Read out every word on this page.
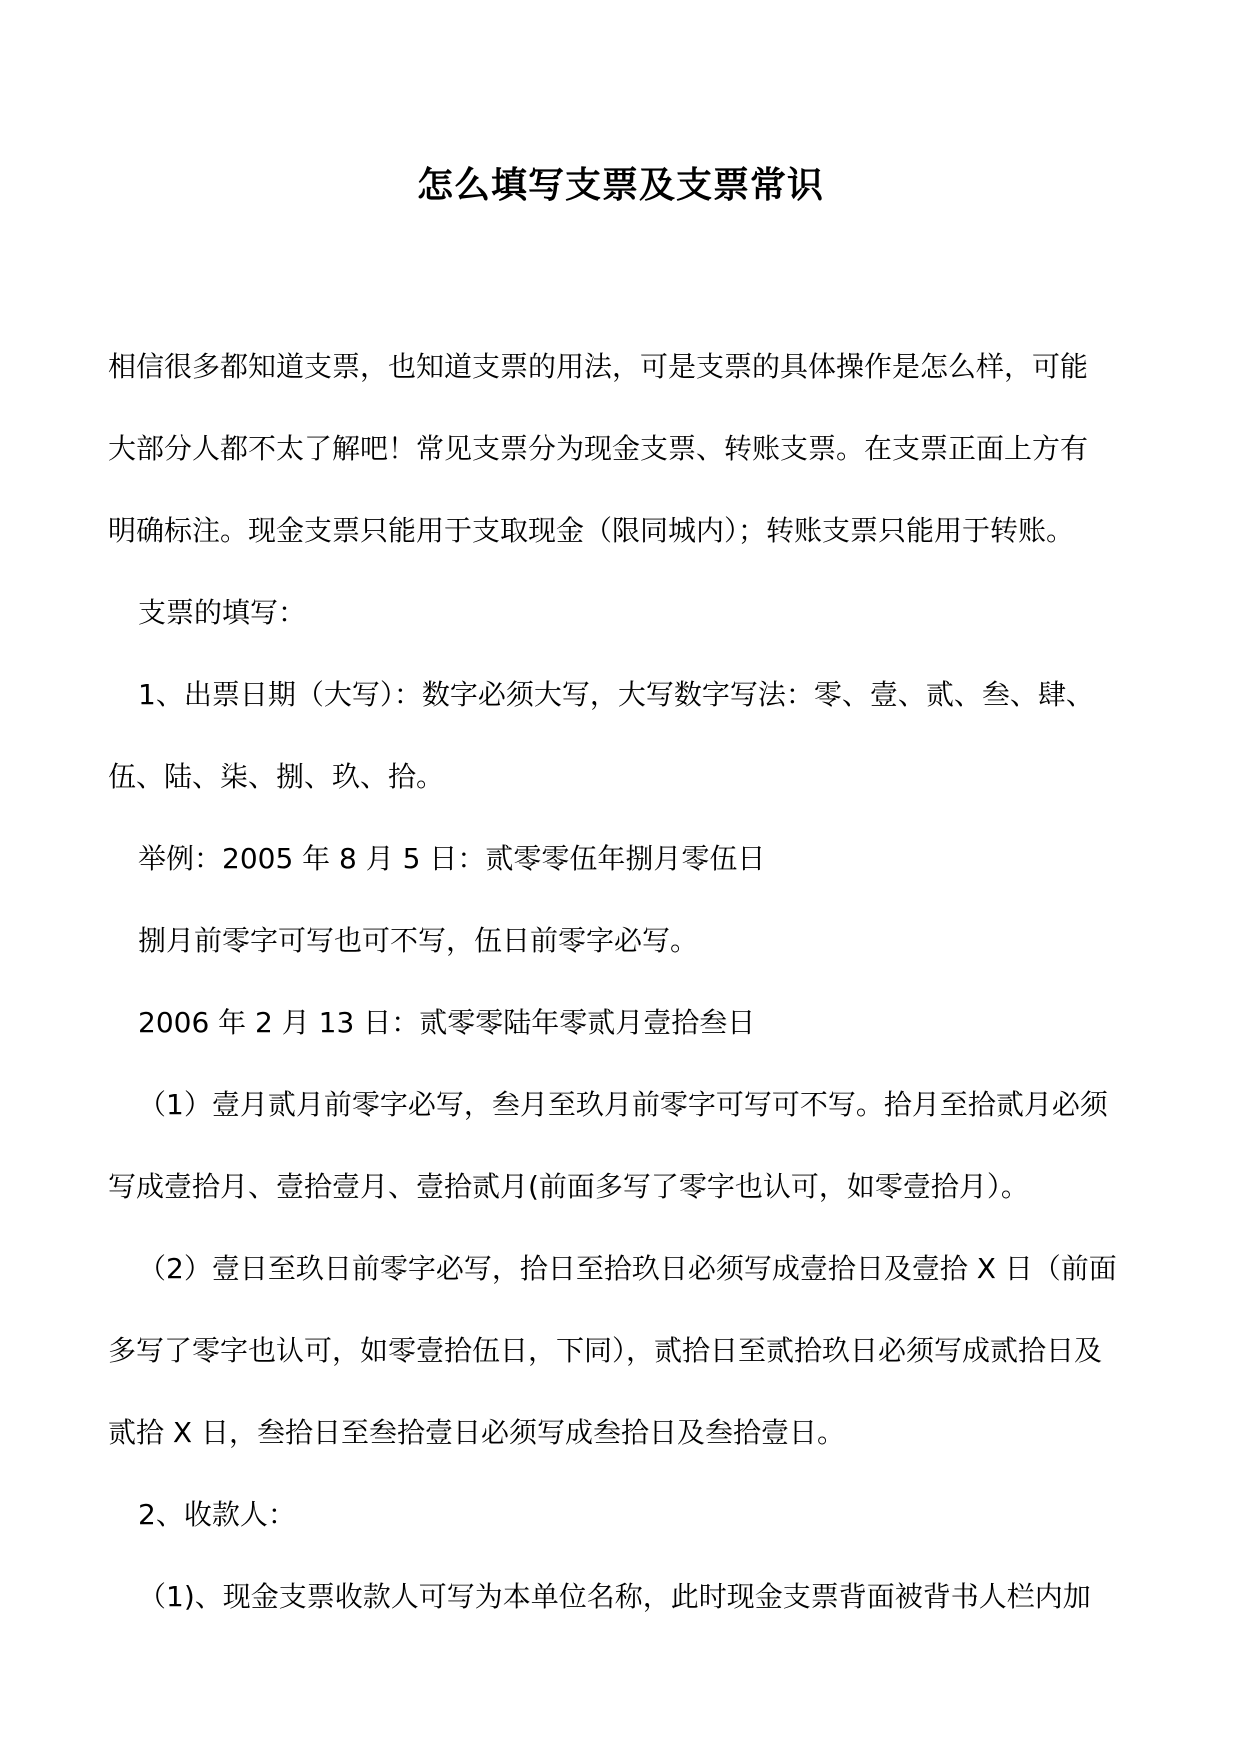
怎么填写支票及支票常识

相信很多都知道支票，也知道支票的用法，可是支票的具体操作是怎么样，可能

大部分人都不太了解吧！常见支票分为现金支票、转账支票。在支票正面上方有

明确标注。现金支票只能用于支取现金（限同城内）；转账支票只能用于转账。

支票的填写：

1、出票日期（大写）：数字必须大写，大写数字写法：零、壹、贰、叁、肆、

伍、陆、柒、捌、玖、拾。

举例：2005 年 8 月 5 日：贰零零伍年捌月零伍日

捌月前零字可写也可不写，伍日前零字必写。

2006 年 2 月 13 日：贰零零陆年零贰月壹拾叁日

（1）壹月贰月前零字必写，叁月至玖月前零字可写可不写。拾月至拾贰月必须

写成壹拾月、壹拾壹月、壹拾贰月(前面多写了零字也认可，如零壹拾月）。

（2）壹日至玖日前零字必写，拾日至拾玖日必须写成壹拾日及壹拾 X 日（前面

多写了零字也认可，如零壹拾伍日，下同），贰拾日至贰拾玖日必须写成贰拾日及

贰拾 X 日，叁拾日至叁拾壹日必须写成叁拾日及叁拾壹日。

2、收款人：

（1)、现金支票收款人可写为本单位名称，此时现金支票背面被背书人栏内加
